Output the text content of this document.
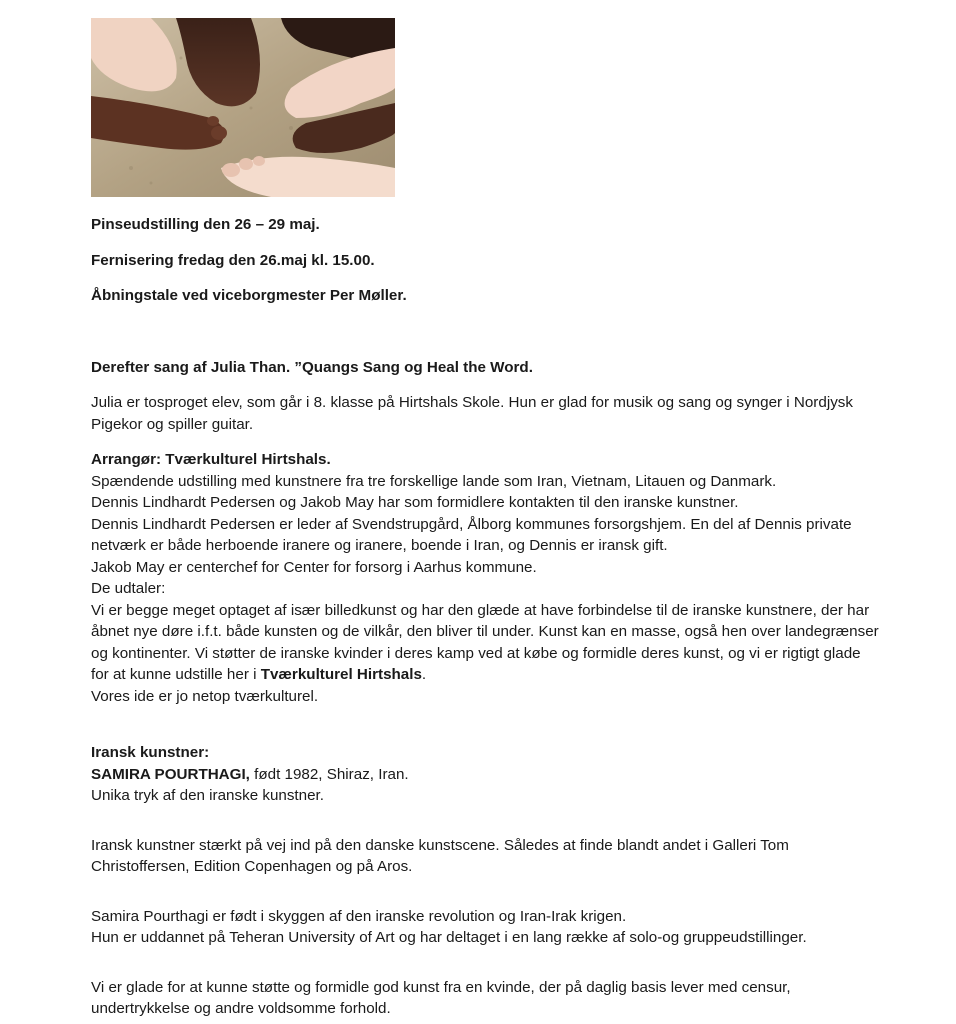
Pinseudstilling den 26 – 29 maj.

Fernisering fredag den 26.maj kl. 15.00.

Åbningstale ved viceborgmester Per Møller.

Derefter sang af Julia Than. ”Quangs Sang og Heal the Word.

Julia er tosproget elev, som går i 8. klasse på Hirtshals Skole. Hun er glad for musik og sang og synger i Nordjysk Pigekor og spiller guitar.

Arrangør: Tværkulturel Hirtshals.

Spændende udstilling med kunstnere fra tre forskellige lande som Iran, Vietnam, Litauen og Danmark.

Dennis Lindhardt Pedersen og Jakob May har som formidlere kontakten til den iranske kunstner.

Dennis Lindhardt Pedersen er leder af Svendstrupgård, Ålborg kommunes forsorgshjem. En del af Dennis private netværk er både herboende iranere og iranere, boende i Iran, og Dennis er iransk gift.

Jakob May er centerchef for Center for forsorg i Aarhus kommune.

De udtaler:

Vi er begge meget optaget af især billedkunst og har den glæde at have forbindelse til de iranske kunstnere, der har åbnet nye døre i.f.t. både kunsten og de vilkår, den bliver til under. Kunst kan en masse, også hen over landegrænser og kontinenter. Vi støtter de iranske kvinder i deres kamp ved at købe og formidle deres kunst, og vi er rigtigt glade for at kunne udstille her i Tværkulturel Hirtshals.

Vores ide er jo netop tværkulturel.

Iransk kunstner:

SAMIRA POURTHAGI, født 1982, Shiraz, Iran.

Unika tryk af den iranske kunstner.

Iransk kunstner stærkt på vej ind på den danske kunstscene. Således at finde blandt andet i Galleri Tom Christoffersen, Edition Copenhagen og på Aros.

Samira Pourthagi er født i skyggen af den iranske revolution og Iran-Irak krigen.

Hun er uddannet på Teheran University of Art og har deltaget i en lang række af solo-og gruppeudstillinger.

Vi er glade for at kunne støtte og formidle god kunst fra en kvinde, der på daglig basis lever med censur, undertrykkelse og andre voldsomme forhold.
